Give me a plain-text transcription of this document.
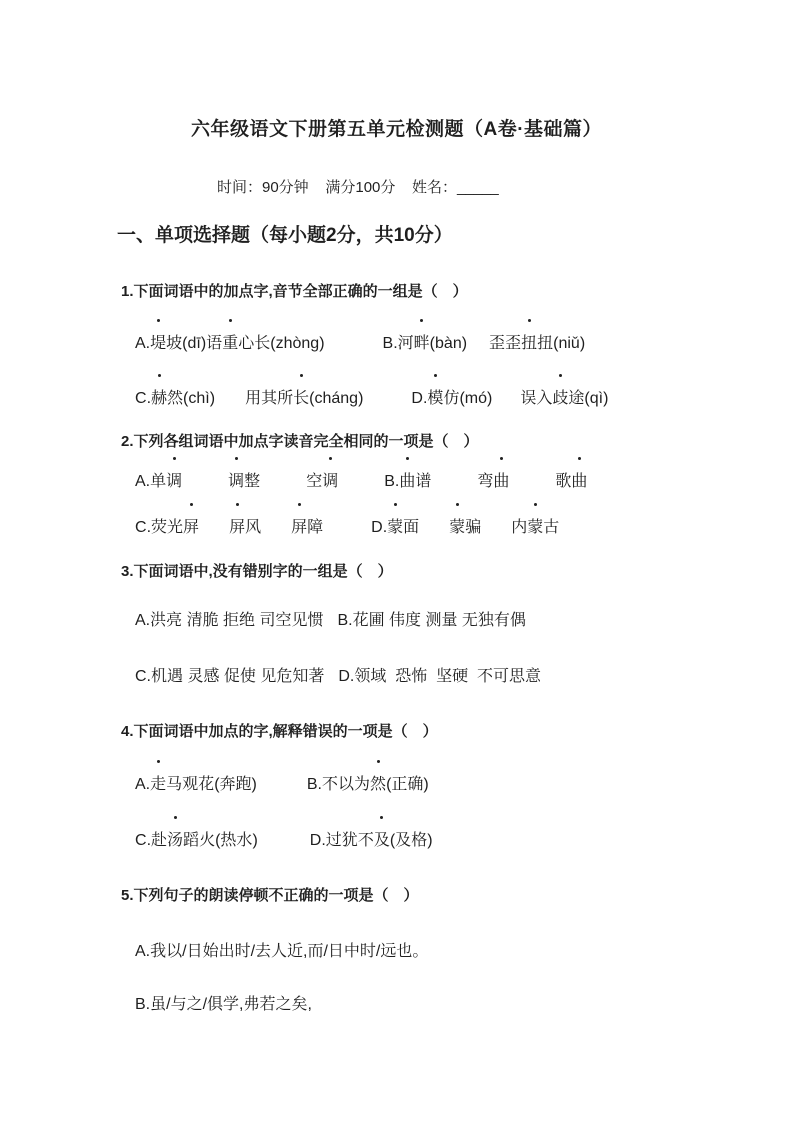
六年级语文下册第五单元检测题（A卷·基础篇）
时间：90分钟    满分100分    姓名：_____
一、单项选择题（每小题2分，共10分）
1.下面词语中的加点字,音节全部正确的一组是（　）
A.堤坡(dī)语重心长(zhòng)	B.河畔(bàn) 歪歪扭扭(niǔ)
C.赫然(chì) 用其所长(cháng)	D.模仿(mó) 误入歧途(qì)
2.下列各组词语中加点字读音完全相同的一项是（　）
A.单调	调整	空调	B.曲谱	弯曲	歌曲
C.荧光屏 屏风 屏障	D.蒙面 蒙骗 内蒙古
3.下面词语中,没有错别字的一组是（　）
A.洪亮 清脆 拒绝 司空见惯 B.花圃 伟度 测量 无独有偶
C.机遇 灵感 促使 见危知著 D.领域  恐怖  坚硬  不可思意
4.下面词语中加点的字,解释错误的一项是（　）
A.走马观花(奔跑)	B.不以为然(正确)
C.赴汤蹈火(热水)	D.过犹不及(及格)
5.下列句子的朗读停顿不正确的一项是（　）
A.我以/日始出时/去人近,而/日中时/远也。
B.虽/与之/俱学,弗若之矣,
